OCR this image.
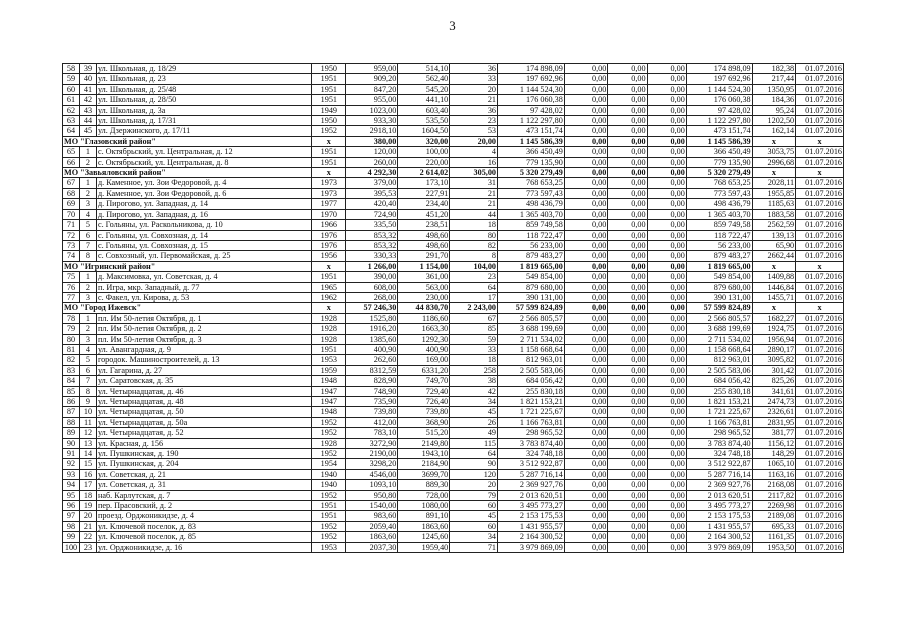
3
58	39	ул. Школьная, д. 18/29	1950	959,00	514,10	36	174 898,09	0,00	0,00	0,00	174 898,09	182,38	01.07.2016
59	40	ул. Школьная, д. 23	1951	909,20	562,40	33	197 692,96	0,00	0,00	0,00	197 692,96	217,44	01.07.2016
60	41	ул. Школьная, д. 25/48	1951	847,20	545,20	20	1 144 524,30	0,00	0,00	0,00	1 144 524,30	1350,95	01.07.2016
61	42	ул. Школьная, д. 28/50	1951	955,00	441,10	21	176 060,38	0,00	0,00	0,00	176 060,38	184,36	01.07.2016
62	43	ул. Школьная, д. 3а	1949	1023,00	603,40	36	97 428,02	0,00	0,00	0,00	97 428,02	95,24	01.07.2016
63	44	ул. Школьная, д. 17/31	1950	933,30	535,50	23	1 122 297,80	0,00	0,00	0,00	1 122 297,80	1202,50	01.07.2016
64	45	ул. Дзержинского, д. 17/11	1952	2918,10	1604,50	53	473 151,74	0,00	0,00	0,00	473 151,74	162,14	01.07.2016
МО "Глазовский район"			х	380,00	320,00	20,00	1 145 586,39	0,00	0,00	0,00	1 145 586,39	х	х
65	1	с. Октябрьский, ул. Центральная, д. 12	1951	120,00	100,00	4	366 450,49	0,00	0,00	0,00	366 450,49	3053,75	01.07.2016
66	2	с. Октябрьский, ул. Центральная, д. 8	1951	260,00	220,00	16	779 135,90	0,00	0,00	0,00	779 135,90	2996,68	01.07.2016
МО "Завьяловский район"			х	4 292,30	2 614,02	305,00	5 320 279,49	0,00	0,00	0,00	5 320 279,49	х	х
67	1	д. Каменное, ул. Зои Федоровой, д. 4	1973	379,00	173,10	31	768 653,25	0,00	0,00	0,00	768 653,25	2028,11	01.07.2016
68	2	д. Каменное, ул. Зои Федоровой, д. 6	1973	395,53	227,91	21	773 597,43	0,00	0,00	0,00	773 597,43	1955,85	01.07.2016
69	3	д. Пирогово, ул. Западная, д. 14	1977	420,40	234,40	21	498 436,79	0,00	0,00	0,00	498 436,79	1185,63	01.07.2016
70	4	д. Пирогово, ул. Западная, д. 16	1970	724,90	451,20	44	1 365 403,70	0,00	0,00	0,00	1 365 403,70	1883,58	01.07.2016
71	5	с. Гольяны, ул. Раскольникова, д. 10	1966	335,50	238,51	18	859 749,58	0,00	0,00	0,00	859 749,58	2562,59	01.07.2016
72	6	с. Гольяны, ул. Совхозная, д. 14	1976	853,32	498,60	80	118 722,47	0,00	0,00	0,00	118 722,47	139,13	01.07.2016
73	7	с. Гольяны, ул. Совхозная, д. 15	1976	853,32	498,60	82	56 233,00	0,00	0,00	0,00	56 233,00	65,90	01.07.2016
74	8	с. Совхозный, ул. Первомайская, д. 25	1956	330,33	291,70	8	879 483,27	0,00	0,00	0,00	879 483,27	2662,44	01.07.2016
МО "Игринский район"			х	1 266,00	1 154,00	104,00	1 819 665,00	0,00	0,00	0,00	1 819 665,00	х	х
75	1	д. Максимовка, ул. Советская, д. 4	1951	390,00	361,00	23	549 854,00	0,00	0,00	0,00	549 854,00	1409,88	01.07.2016
76	2	п. Игра, мкр. Западный, д. 77	1965	608,00	563,00	64	879 680,00	0,00	0,00	0,00	879 680,00	1446,84	01.07.2016
77	3	с. Факел, ул. Кирова, д. 53	1962	268,00	230,00	17	390 131,00	0,00	0,00	0,00	390 131,00	1455,71	01.07.2016
МО "Город Ижевск"			х	57 246,30	44 830,70	2 243,00	57 599 824,89	0,00	0,00	0,00	57 599 824,89	х	х
78	1	пл. Им 50-летия Октября, д. 1	1928	1525,80	1186,60	67	2 566 805,57	0,00	0,00	0,00	2 566 805,57	1682,27	01.07.2016
79	2	пл. Им 50-летия Октября, д. 2	1928	1916,20	1663,30	85	3 688 199,69	0,00	0,00	0,00	3 688 199,69	1924,75	01.07.2016
80	3	пл. Им 50-летия Октября, д. 3	1928	1385,60	1292,30	59	2 711 534,02	0,00	0,00	0,00	2 711 534,02	1956,94	01.07.2016
81	4	ул. Авангардная, д. 9	1951	400,90	400,90	33	1 158 668,64	0,00	0,00	0,00	1 158 668,64	2890,17	01.07.2016
82	5	городок. Машиностроителей, д. 13	1953	262,60	169,00	18	812 963,01	0,00	0,00	0,00	812 963,01	3095,82	01.07.2016
83	6	ул. Гагарина, д. 27	1959	8312,59	6331,20	258	2 505 583,06	0,00	0,00	0,00	2 505 583,06	301,42	01.07.2016
84	7	ул. Саратовская, д. 35	1948	828,90	749,70	38	684 056,42	0,00	0,00	0,00	684 056,42	825,26	01.07.2016
85	8	ул. Четырнадцатая, д. 46	1947	748,90	729,40	42	255 830,18	0,00	0,00	0,00	255 830,18	341,61	01.07.2016
86	9	ул. Четырнадцатая, д. 48	1947	735,90	726,40	34	1 821 153,21	0,00	0,00	0,00	1 821 153,21	2474,73	01.07.2016
87	10	ул. Четырнадцатая, д. 50	1948	739,80	739,80	45	1 721 225,67	0,00	0,00	0,00	1 721 225,67	2326,61	01.07.2016
88	11	ул. Четырнадцатая, д. 50а	1952	412,00	368,90	26	1 166 763,81	0,00	0,00	0,00	1 166 763,81	2831,95	01.07.2016
89	12	ул. Четырнадцатая, д. 52	1952	783,10	515,20	49	298 965,52	0,00	0,00	0,00	298 965,52	381,77	01.07.2016
90	13	ул. Красная, д. 156	1928	3272,90	2149,80	115	3 783 874,40	0,00	0,00	0,00	3 783 874,40	1156,12	01.07.2016
91	14	ул. Пушкинская, д. 190	1952	2190,00	1943,10	64	324 748,18	0,00	0,00	0,00	324 748,18	148,29	01.07.2016
92	15	ул. Пушкинская, д. 204	1954	3298,20	2184,90	90	3 512 922,87	0,00	0,00	0,00	3 512 922,87	1065,10	01.07.2016
93	16	ул. Советская, д. 21	1940	4546,00	3699,70	120	5 287 716,14	0,00	0,00	0,00	5 287 716,14	1163,16	01.07.2016
94	17	ул. Советская, д. 31	1940	1093,10	889,30	20	2 369 927,76	0,00	0,00	0,00	2 369 927,76	2168,08	01.07.2016
95	18	наб. Карлутская, д. 7	1952	950,80	728,00	79	2 013 620,51	0,00	0,00	0,00	2 013 620,51	2117,82	01.07.2016
96	19	пер. Прасовский, д. 2	1951	1540,00	1080,00	60	3 495 773,27	0,00	0,00	0,00	3 495 773,27	2269,98	01.07.2016
97	20	проезд. Орджоникидзе, д. 4	1951	983,60	891,10	45	2 153 175,53	0,00	0,00	0,00	2 153 175,53	2189,08	01.07.2016
98	21	ул. Ключевой поселок, д. 83	1952	2059,40	1863,60	60	1 431 955,57	0,00	0,00	0,00	1 431 955,57	695,33	01.07.2016
99	22	ул. Ключевой поселок, д. 85	1952	1863,60	1245,60	34	2 164 300,52	0,00	0,00	0,00	2 164 300,52	1161,35	01.07.2016
100	23	ул. Орджоникидзе, д. 16	1953	2037,30	1959,40	71	3 979 869,09	0,00	0,00	0,00	3 979 869,09	1953,50	01.07.2016
